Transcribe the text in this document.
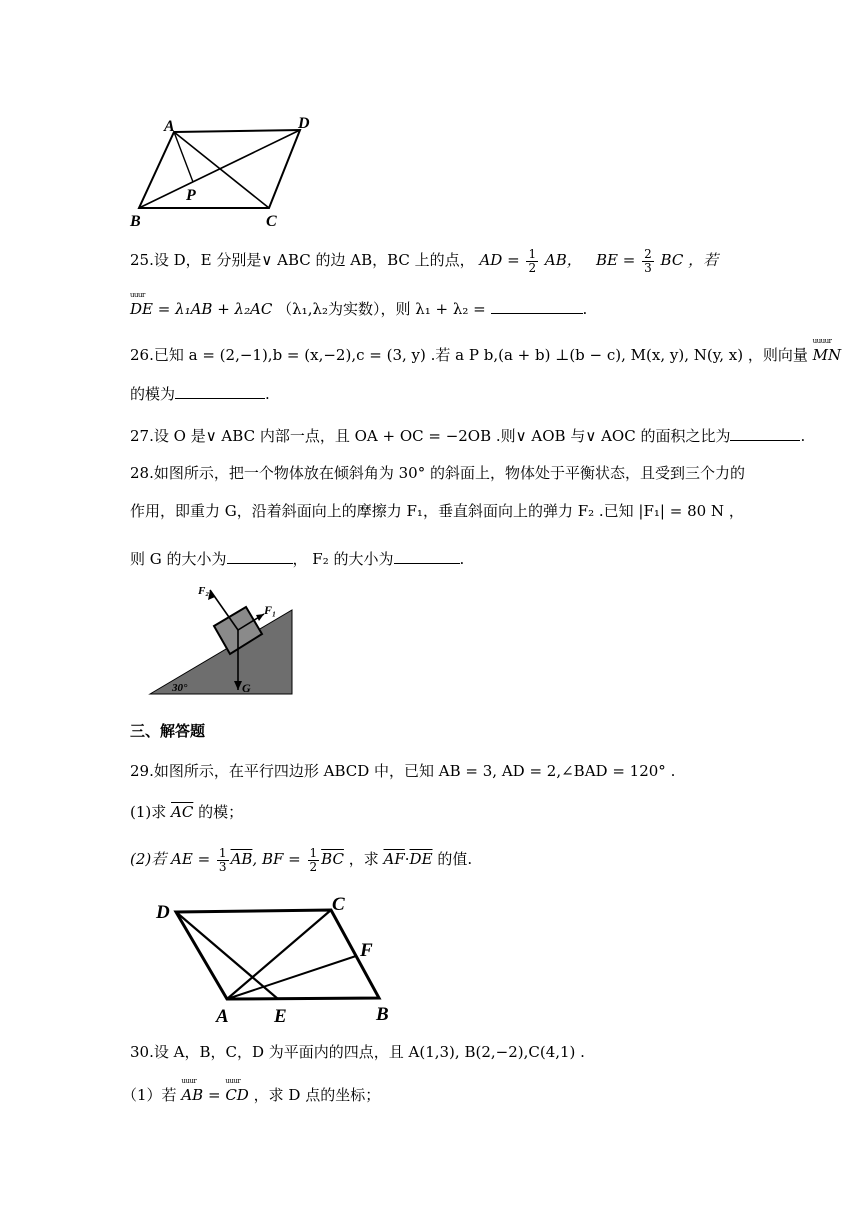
A	D
P
B	C
25.设 D，E 分别是∨ ABC 的边 AB，BC 上的点， AD = $\frac{1}{2}$ AB， BE = $\frac{2}{3}$ BC ，若
uuur
DE = λ₁AB + λ₂AC （λ₁,λ₂为实数），则 λ₁ + λ₂ =	.
26.已知 a = (2,−1),b = (x,−2),c = (3, y) .若 a P b,(a + b) ⊥(b − c), M(x, y), N(y, x) ，则向量
uuuur
MN
的模为	.
27.设 O 是∨ ABC 内部一点，且 OA + OC = −2OB .则∨ AOB 与∨ AOC 的面积之比为	.
28.如图所示，把一个物体放在倾斜角为 30° 的斜面上，物体处于平衡状态，且受到三个力的
作用，即重力 G，沿着斜面向上的摩擦力 F₁，垂直斜面向上的弹力 F₂ .已知 |F₁| = 80 N ，
则 G 的大小为	， F₂ 的大小为	.
F₂
F₁
G
30°
三、解答题
29.如图所示，在平行四边形 ABCD 中，已知 AB = 3, AD = 2,∠BAD = 120° .
(1)求 $\overline{AC}$ 的模；
(2)若 AE = $\frac{1}{3} \overline{AB}$, BF = $\frac{1}{2} \overline{BC}$ ，求 $\overline{AF}\cdot\overline{DE}$ 的值.
D	C
F
A E	B
30.设 A，B，C，D 为平面内的四点，且 A(1,3), B(2,−2),C(4,1) .
（1）若
uuur
AB =
uuur
CD ，求 D 点的坐标；
